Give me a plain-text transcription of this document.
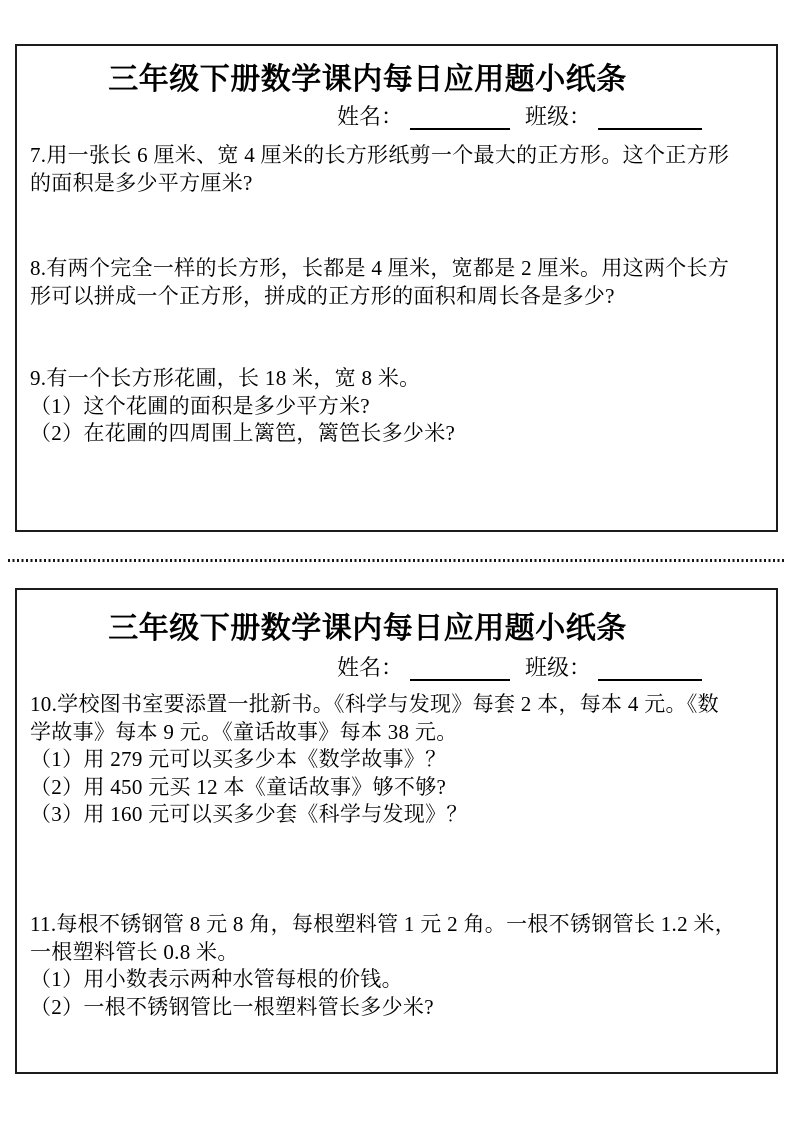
三年级下册数学课内每日应用题小纸条
姓名：	班级：
7.用一张长 6 厘米、宽 4 厘米的长方形纸剪一个最大的正方形。这个正方形
的面积是多少平方厘米?
8.有两个完全一样的长方形，长都是 4 厘米，宽都是 2 厘米。用这两个长方
形可以拼成一个正方形，拼成的正方形的面积和周长各是多少?
9.有一个长方形花圃，长 18 米，宽 8 米。
（1）这个花圃的面积是多少平方米?
（2）在花圃的四周围上篱笆，篱笆长多少米?
三年级下册数学课内每日应用题小纸条
姓名：	班级：
10.学校图书室要添置一批新书。《科学与发现》每套 2 本，每本 4 元。《数
学故事》每本 9 元。《童话故事》每本 38 元。
（1）用 279 元可以买多少本《数学故事》？
（2）用 450 元买 12 本《童话故事》够不够?
（3）用 160 元可以买多少套《科学与发现》？
11.每根不锈钢管 8 元 8 角，每根塑料管 1 元 2 角。一根不锈钢管长 1.2 米，
一根塑料管长 0.8 米。
（1）用小数表示两种水管每根的价钱。
（2）一根不锈钢管比一根塑料管长多少米?
